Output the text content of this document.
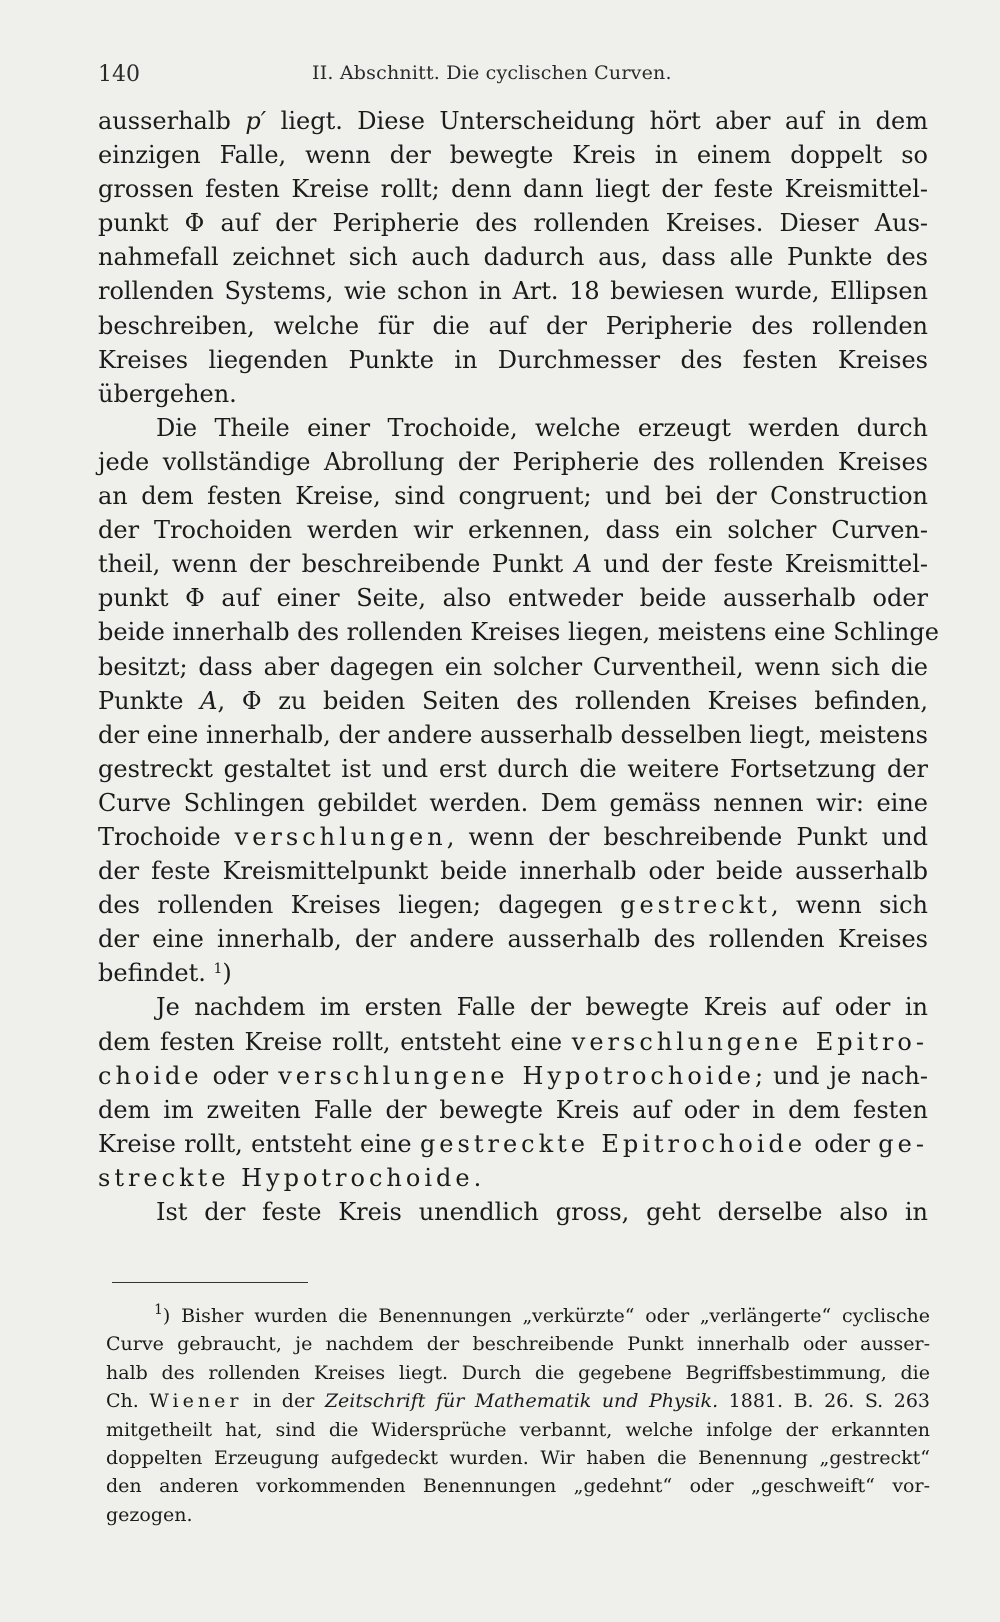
140	II. Abschnitt. Die cyclischen Curven.
ausserhalb p′ liegt. Diese Unterscheidung hört aber auf in dem
einzigen Falle, wenn der bewegte Kreis in einem doppelt so
grossen festen Kreise rollt; denn dann liegt der feste Kreismittel-
punkt Φ auf der Peripherie des rollenden Kreises. Dieser Aus-
nahmefall zeichnet sich auch dadurch aus, dass alle Punkte des
rollenden Systems, wie schon in Art. 18 bewiesen wurde, Ellipsen
beschreiben, welche für die auf der Peripherie des rollenden
Kreises liegenden Punkte in Durchmesser des festen Kreises
übergehen.
Die Theile einer Trochoide, welche erzeugt werden durch
jede vollständige Abrollung der Peripherie des rollenden Kreises
an dem festen Kreise, sind congruent; und bei der Construction
der Trochoiden werden wir erkennen, dass ein solcher Curven-
theil, wenn der beschreibende Punkt A und der feste Kreismittel-
punkt Φ auf einer Seite, also entweder beide ausserhalb oder
beide innerhalb des rollenden Kreises liegen, meistens eine Schlinge
besitzt; dass aber dagegen ein solcher Curventheil, wenn sich die
Punkte A, Φ zu beiden Seiten des rollenden Kreises befinden,
der eine innerhalb, der andere ausserhalb desselben liegt, meistens
gestreckt gestaltet ist und erst durch die weitere Fortsetzung der
Curve Schlingen gebildet werden. Dem gemäss nennen wir: eine
Trochoide verschlungen, wenn der beschreibende Punkt und
der feste Kreismittelpunkt beide innerhalb oder beide ausserhalb
des rollenden Kreises liegen; dagegen gestreckt, wenn sich
der eine innerhalb, der andere ausserhalb des rollenden Kreises
befindet. $^1$)
Je nachdem im ersten Falle der bewegte Kreis auf oder in
dem festen Kreise rollt, entsteht eine verschlungene Epitro-
choide oder verschlungene Hypotrochoide; und je nach-
dem im zweiten Falle der bewegte Kreis auf oder in dem festen
Kreise rollt, entsteht eine gestreckte Epitrochoide oder ge-
streckte Hypotrochoide.
Ist der feste Kreis unendlich gross, geht derselbe also in
$^1$) Bisher wurden die Benennungen „verkürzte“ oder „verlängerte“ cyclische
Curve gebraucht, je nachdem der beschreibende Punkt innerhalb oder ausser-
halb des rollenden Kreises liegt. Durch die gegebene Begriffsbestimmung, die
Ch. Wiener in der Zeitschrift für Mathematik und Physik. 1881. B. 26. S. 263
mitgetheilt hat, sind die Widersprüche verbannt, welche infolge der erkannten
doppelten Erzeugung aufgedeckt wurden. Wir haben die Benennung „gestreckt“
den anderen vorkommenden Benennungen „gedehnt“ oder „geschweift“ vor-
gezogen.
